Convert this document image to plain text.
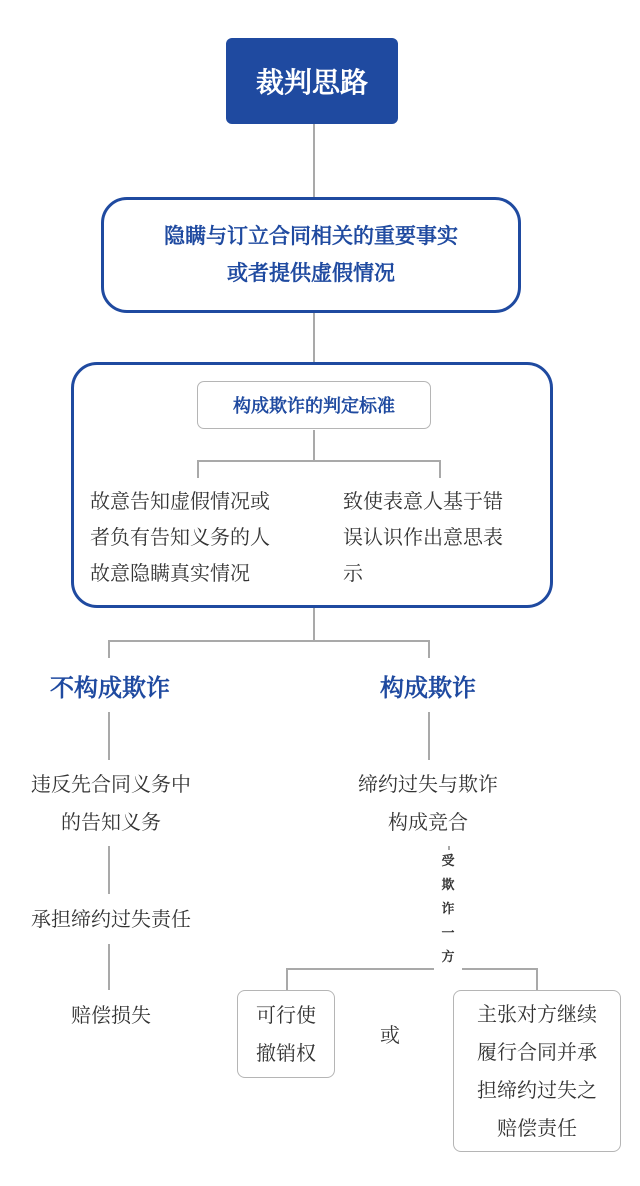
裁判思路
隐瞒与订立合同相关的重要事实
或者提供虚假情况
构成欺诈的判定标准
故意告知虚假情况或
者负有告知义务的人
故意隐瞒真实情况
致使表意人基于错
误认识作出意思表
示
不构成欺诈	构成欺诈
违反先合同义务中
的告知义务
承担缔约过失责任
赔偿损失
缔约过失与欺诈
构成竞合
受
欺
诈
一
方
可行使
撤销权
或
主张对方继续
履行合同并承
担缔约过失之
赔偿责任
